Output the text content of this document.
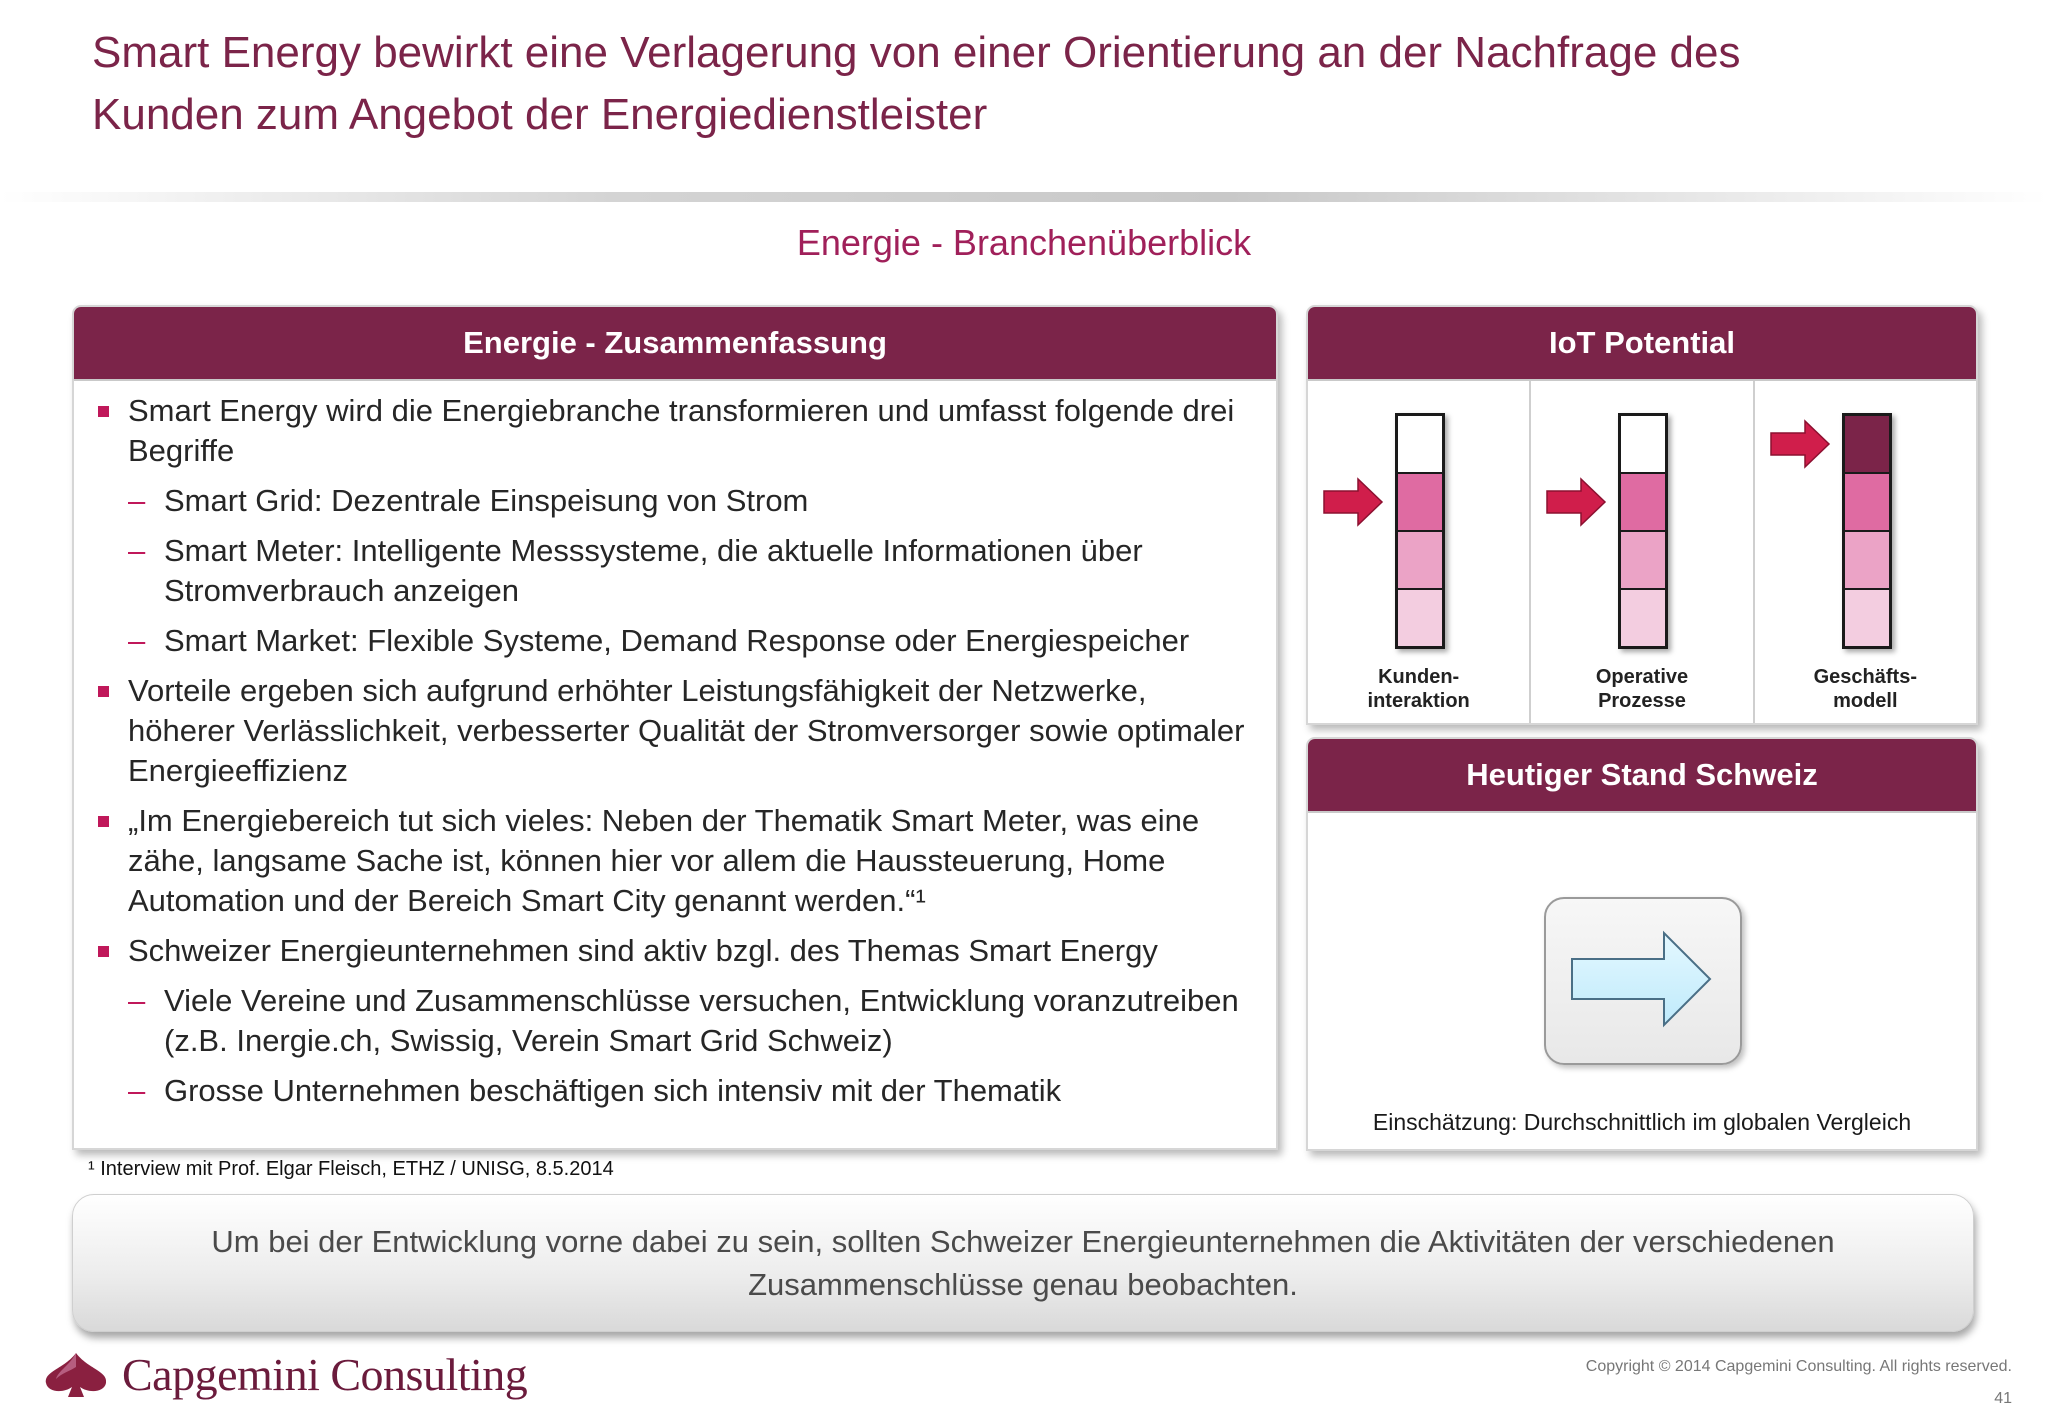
Smart Energy bewirkt eine Verlagerung von einer Orientierung an der Nachfrage des
Kunden zum Angebot der Energiedienstleister
Energie - Branchenüberblick
Energie - Zusammenfassung
Smart Energy wird die Energiebranche transformieren und umfasst folgende drei Begriffe
– Smart Grid: Dezentrale Einspeisung von Strom
– Smart Meter: Intelligente Messsysteme, die aktuelle Informationen über Stromverbrauch anzeigen
– Smart Market: Flexible Systeme, Demand Response oder Energiespeicher
Vorteile ergeben sich aufgrund erhöhter Leistungsfähigkeit der Netzwerke, höherer Verlässlichkeit, verbesserter Qualität der Stromversorger sowie optimaler Energieeffizienz
„Im Energiebereich tut sich vieles: Neben der Thematik Smart Meter, was eine zähe, langsame Sache ist, können hier vor allem die Haussteuerung, Home Automation und der Bereich Smart City genannt werden.“¹
Schweizer Energieunternehmen sind aktiv bzgl. des Themas Smart Energy
– Viele Vereine und Zusammenschlüsse versuchen, Entwicklung voranzutreiben (z.B. Inergie.ch, Swissig, Verein Smart Grid Schweiz)
– Grosse Unternehmen beschäftigen sich intensiv mit der Thematik
IoT Potential
Kunden-
interaktion
Operative
Prozesse
Geschäfts-
modell
Heutiger Stand Schweiz
Einschätzung: Durchschnittlich im globalen Vergleich
¹ Interview mit Prof. Elgar Fleisch, ETHZ / UNISG, 8.5.2014
Um bei der Entwicklung vorne dabei zu sein, sollten Schweizer Energieunternehmen die Aktivitäten der verschiedenen Zusammenschlüsse genau beobachten.
Capgemini Consulting	Copyright © 2014 Capgemini Consulting. All rights reserved.
41
